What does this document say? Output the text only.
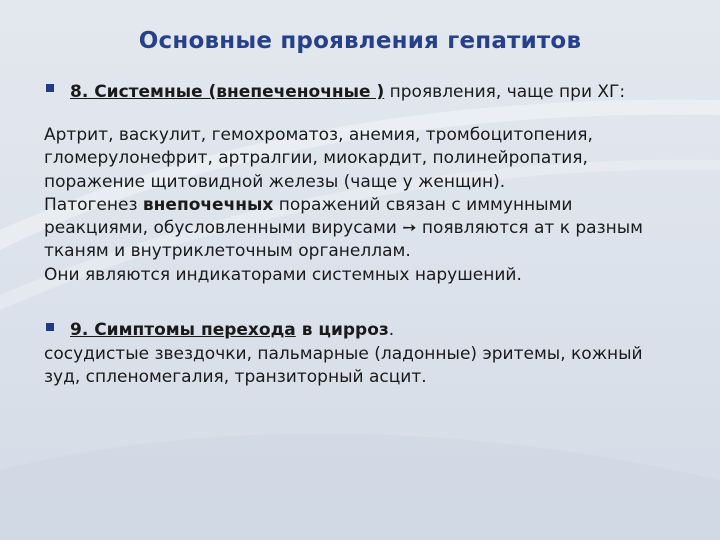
Основные проявления гепатитов
8. Системные (внепеченочные ) проявления, чаще при ХГ:
Артрит, васкулит, гемохроматоз, анемия, тромбоцитопения,
гломерулонефрит, артралгии, миокардит, полинейропатия,
поражение щитовидной железы (чаще у женщин).
Патогенез внепочечных поражений связан с иммунными
реакциями, обусловленными вирусами ➙ появляются ат к разным
тканям и внутриклеточным органеллам.
Они являются индикаторами системных нарушений.
9. Симптомы перехода в цирроз.
сосудистые звездочки, пальмарные (ладонные) эритемы, кожный
зуд, спленомегалия, транзиторный асцит.
